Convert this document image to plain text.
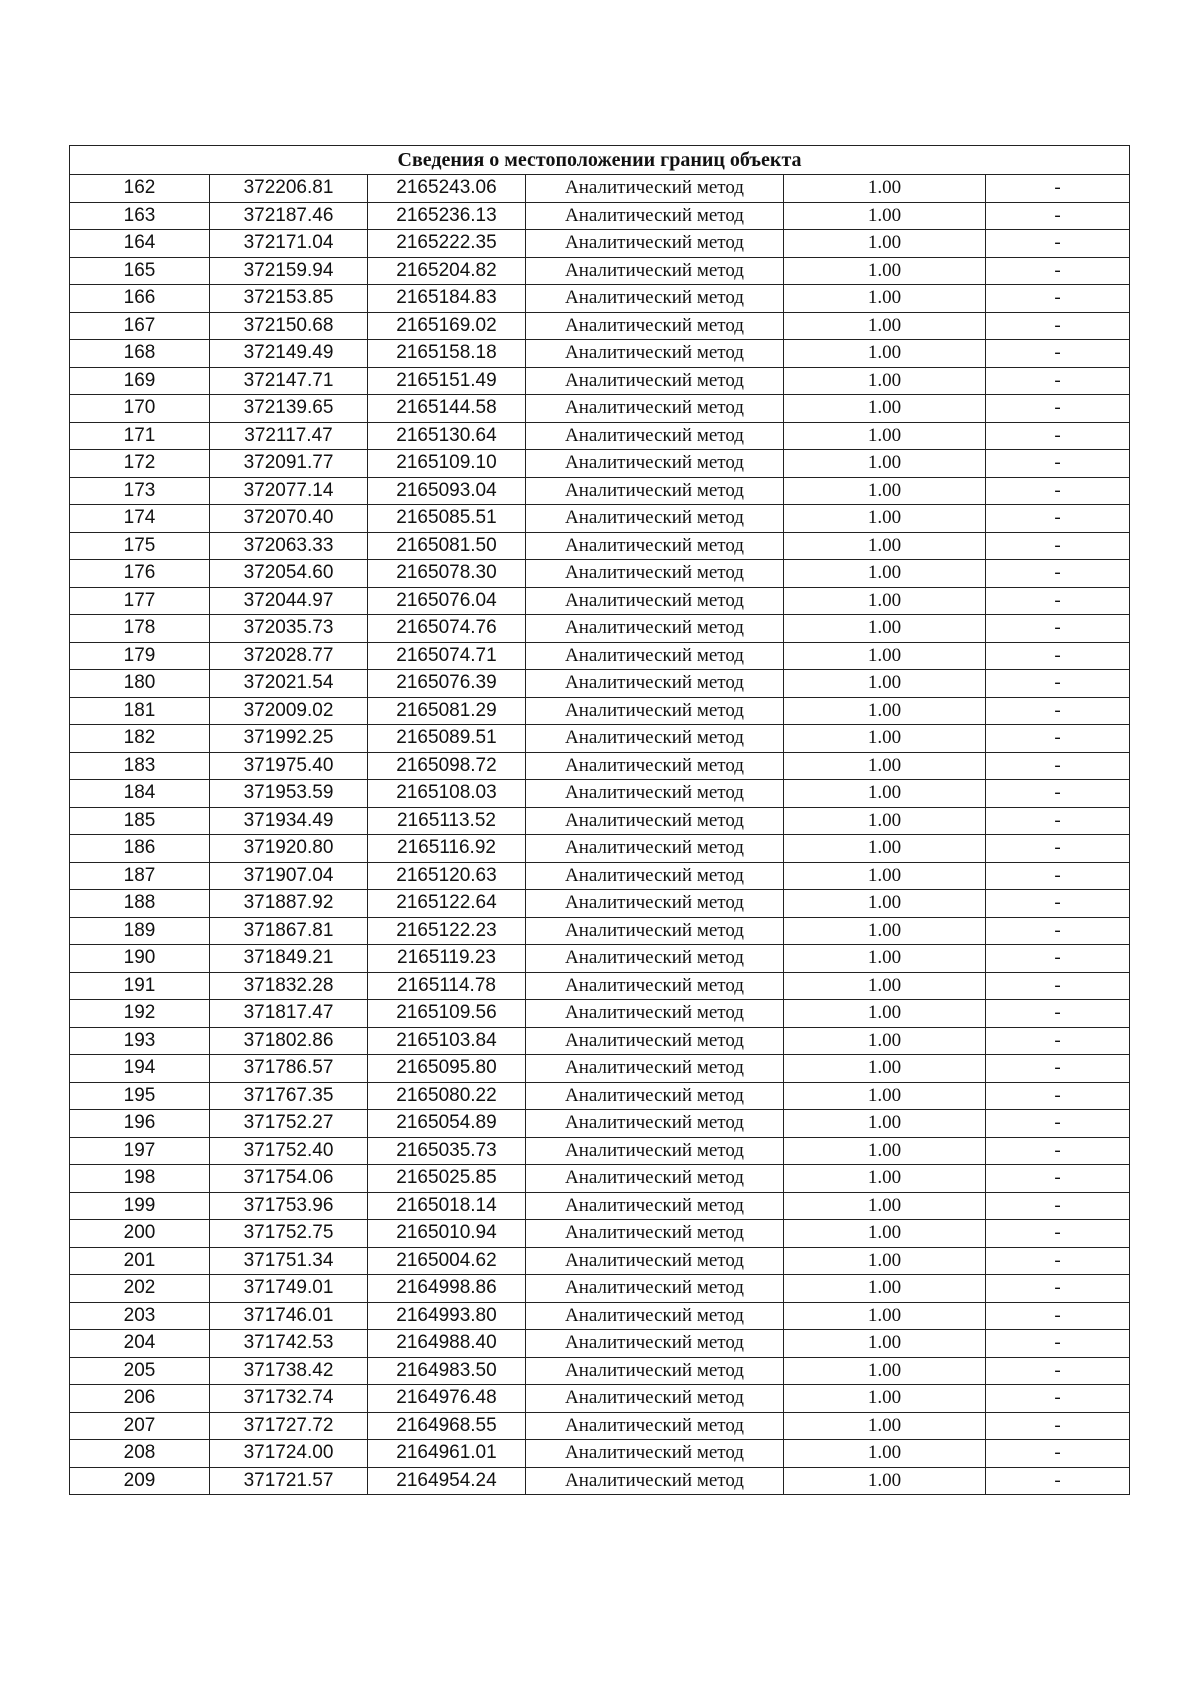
Сведения о местоположении границ объекта					
162	372206.81	2165243.06	Аналитический метод	1.00	-
163	372187.46	2165236.13	Аналитический метод	1.00	-
164	372171.04	2165222.35	Аналитический метод	1.00	-
165	372159.94	2165204.82	Аналитический метод	1.00	-
166	372153.85	2165184.83	Аналитический метод	1.00	-
167	372150.68	2165169.02	Аналитический метод	1.00	-
168	372149.49	2165158.18	Аналитический метод	1.00	-
169	372147.71	2165151.49	Аналитический метод	1.00	-
170	372139.65	2165144.58	Аналитический метод	1.00	-
171	372117.47	2165130.64	Аналитический метод	1.00	-
172	372091.77	2165109.10	Аналитический метод	1.00	-
173	372077.14	2165093.04	Аналитический метод	1.00	-
174	372070.40	2165085.51	Аналитический метод	1.00	-
175	372063.33	2165081.50	Аналитический метод	1.00	-
176	372054.60	2165078.30	Аналитический метод	1.00	-
177	372044.97	2165076.04	Аналитический метод	1.00	-
178	372035.73	2165074.76	Аналитический метод	1.00	-
179	372028.77	2165074.71	Аналитический метод	1.00	-
180	372021.54	2165076.39	Аналитический метод	1.00	-
181	372009.02	2165081.29	Аналитический метод	1.00	-
182	371992.25	2165089.51	Аналитический метод	1.00	-
183	371975.40	2165098.72	Аналитический метод	1.00	-
184	371953.59	2165108.03	Аналитический метод	1.00	-
185	371934.49	2165113.52	Аналитический метод	1.00	-
186	371920.80	2165116.92	Аналитический метод	1.00	-
187	371907.04	2165120.63	Аналитический метод	1.00	-
188	371887.92	2165122.64	Аналитический метод	1.00	-
189	371867.81	2165122.23	Аналитический метод	1.00	-
190	371849.21	2165119.23	Аналитический метод	1.00	-
191	371832.28	2165114.78	Аналитический метод	1.00	-
192	371817.47	2165109.56	Аналитический метод	1.00	-
193	371802.86	2165103.84	Аналитический метод	1.00	-
194	371786.57	2165095.80	Аналитический метод	1.00	-
195	371767.35	2165080.22	Аналитический метод	1.00	-
196	371752.27	2165054.89	Аналитический метод	1.00	-
197	371752.40	2165035.73	Аналитический метод	1.00	-
198	371754.06	2165025.85	Аналитический метод	1.00	-
199	371753.96	2165018.14	Аналитический метод	1.00	-
200	371752.75	2165010.94	Аналитический метод	1.00	-
201	371751.34	2165004.62	Аналитический метод	1.00	-
202	371749.01	2164998.86	Аналитический метод	1.00	-
203	371746.01	2164993.80	Аналитический метод	1.00	-
204	371742.53	2164988.40	Аналитический метод	1.00	-
205	371738.42	2164983.50	Аналитический метод	1.00	-
206	371732.74	2164976.48	Аналитический метод	1.00	-
207	371727.72	2164968.55	Аналитический метод	1.00	-
208	371724.00	2164961.01	Аналитический метод	1.00	-
209	371721.57	2164954.24	Аналитический метод	1.00	-
